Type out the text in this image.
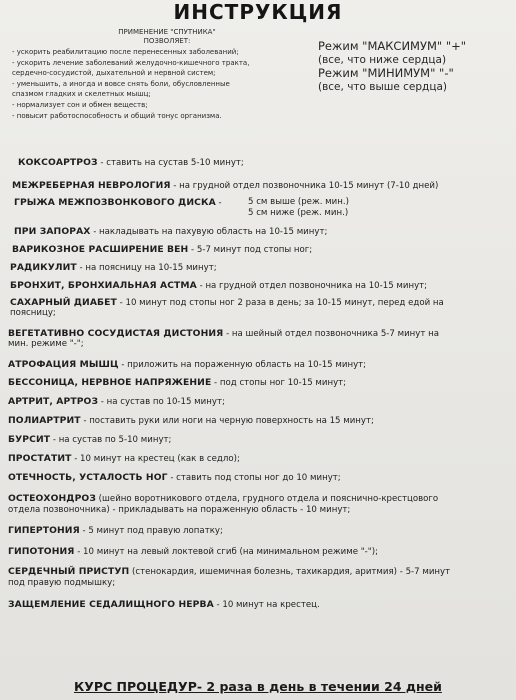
ИНСТРУКЦИЯ
ПРИМЕНЕНИЕ "СПУТНИКА"
ПОЗВОЛЯЕТ:
- ускорить реабилитацию после перенесенных заболеваний;
- ускорить лечение заболеваний желудочно-кишечного тракта,
сердечно-сосудистой, дыхательной и нервной систем;
- уменьшить, а иногда и вовсе снять боли, обусловленные
спазмом гладких и скелетных мышц;
- нормализует сон и обмен веществ;
- повысит работоспособность и общий тонус организма.
Режим "МАКСИМУМ" "+"
(все, что ниже сердца)
Режим "МИНИМУМ" "-"
(все, что выше сердца)
КОКСОАРТРОЗ - ставить на сустав 5-10 минут;
МЕЖРЕБЕРНАЯ НЕВРОЛОГИЯ - на грудной отдел позвоночника 10-15 минут (7-10 дней)
ГРЫЖА МЕЖПОЗВОНКОВОГО ДИСКА -	5 см выше (реж. мин.)
5 см ниже (реж. мин.)
ПРИ ЗАПОРАХ - накладывать на пахувую область на 10-15 минут;
ВАРИКОЗНОЕ РАСШИРЕНИЕ ВЕН - 5-7 минут под стопы ног;
РАДИКУЛИТ - на поясницу на 10-15 минут;
БРОНХИТ, БРОНХИАЛЬНАЯ АСТМА - на грудной отдел позвоночника на 10-15 минут;
САХАРНЫЙ ДИАБЕТ - 10 минут под стопы ног 2 раза в день; за 10-15 минут, перед едой на
поясницу;
ВЕГЕТАТИВНО СОСУДИСТАЯ ДИСТОНИЯ - на шейный отдел позвоночника 5-7 минут на
мин. режиме "-";
АТРОФАЦИЯ МЫШЦ - приложить на пораженную область на 10-15 минут;
БЕССОНИЦА, НЕРВНОЕ НАПРЯЖЕНИЕ - под стопы ног 10-15 минут;
АРТРИТ, АРТРОЗ - на сустав по 10-15 минут;
ПОЛИАРТРИТ - поставить руки или ноги на черную поверхность на 15 минут;
БУРСИТ - на сустав по 5-10 минут;
ПРОСТАТИТ - 10 минут на крестец (как в седло);
ОТЕЧНОСТЬ, УСТАЛОСТЬ НОГ - ставить под стопы ног до 10 минут;
ОСТЕОХОНДРОЗ (шейно воротникового отдела, грудного отдела и пояснично-крестцового
отдела позвоночника) - прикладывать на пораженную область - 10 минут;
ГИПЕРТОНИЯ - 5 минут под правую лопатку;
ГИПОТОНИЯ - 10 минут на левый локтевой сгиб (на минимальном режиме "-");
СЕРДЕЧНЫЙ ПРИСТУП (стенокардия, ишемичная болезнь, тахикардия, аритмия) - 5-7 минут
под правую подмышку;
ЗАЩЕМЛЕНИЕ СЕДАЛИЩНОГО НЕРВА - 10 минут на крестец.
КУРС ПРОЦЕДУР- 2 раза в день в течении 24 дней
